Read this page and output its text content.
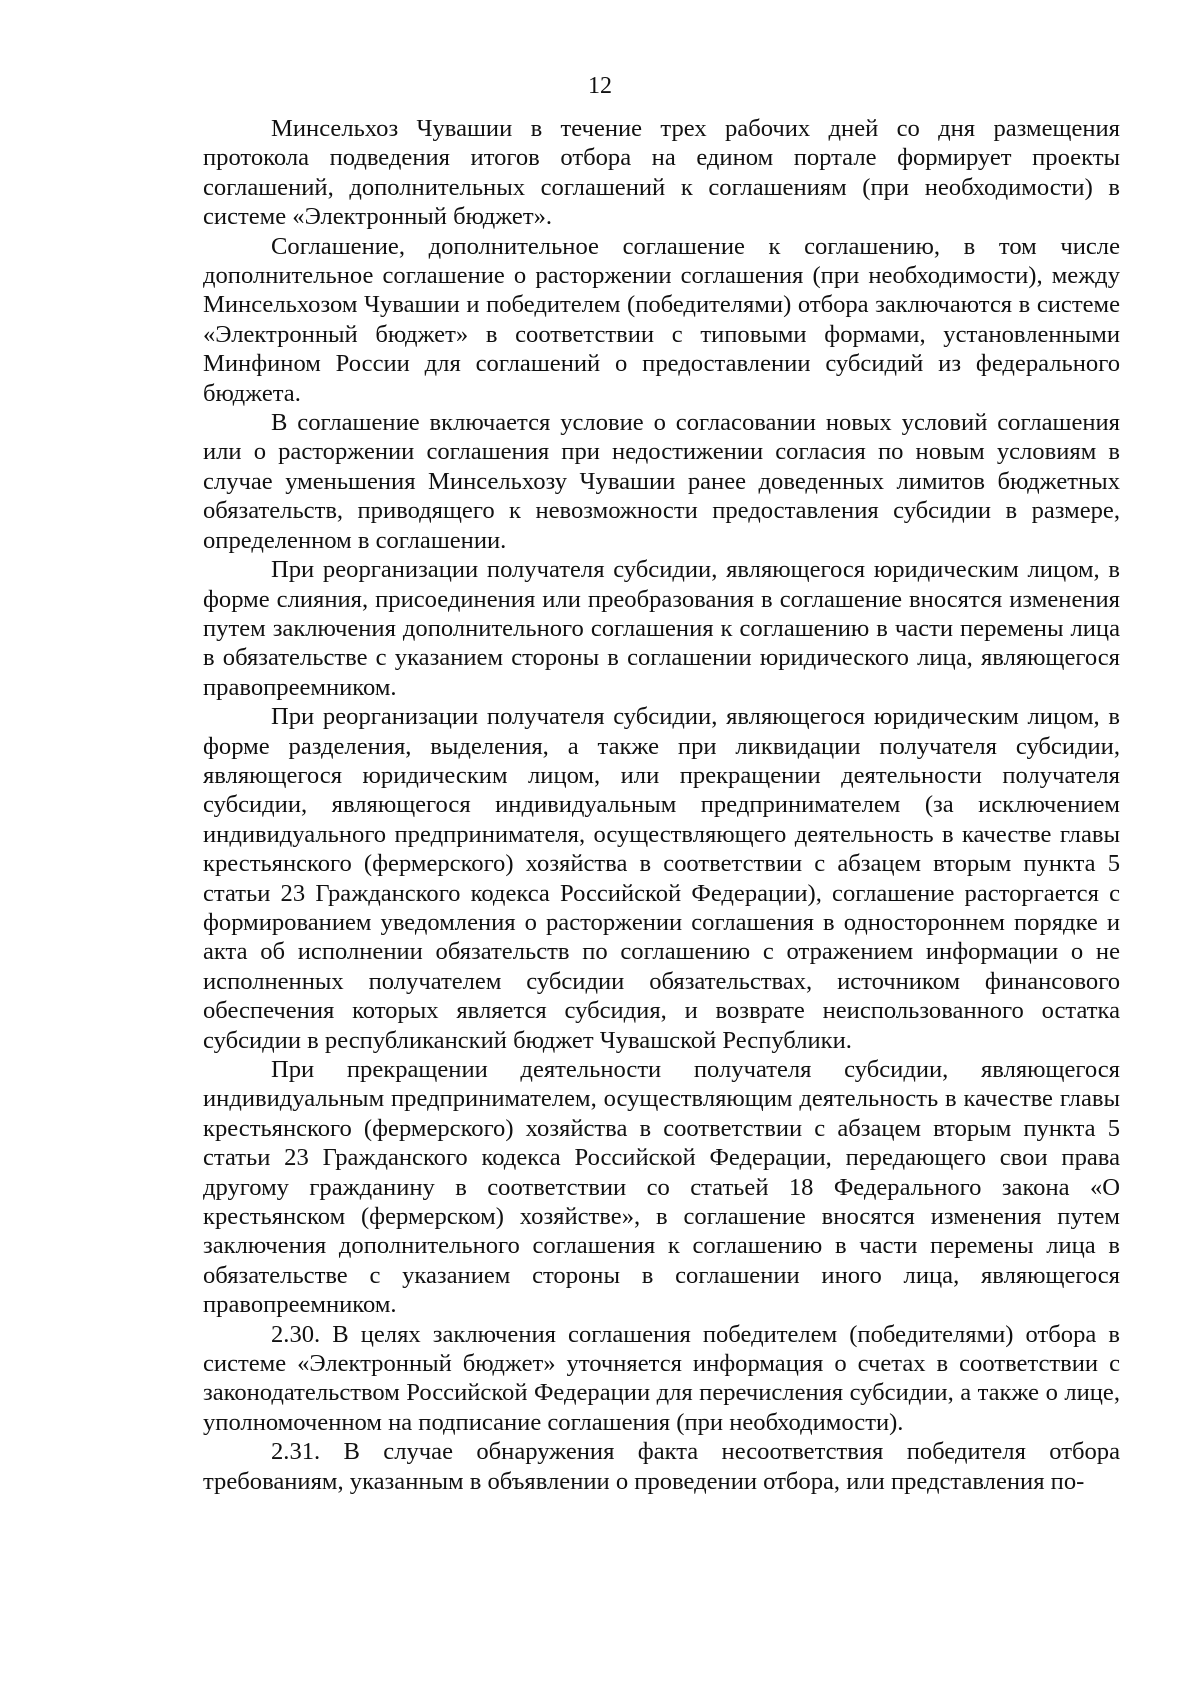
12

Минсельхоз Чувашии в течение трех рабочих дней со дня размещения протокола подведения итогов отбора на едином портале формирует проекты соглашений, дополнительных соглашений к соглашениям (при необходимости) в системе «Электронный бюджет».

Соглашение, дополнительное соглашение к соглашению, в том числе дополнительное соглашение о расторжении соглашения (при необходимости), между Минсельхозом Чувашии и победителем (победителями) отбора заключаются в системе «Электронный бюджет» в соответствии с типовыми формами, установленными Минфином России для соглашений о предоставлении субсидий из федерального бюджета.

В соглашение включается условие о согласовании новых условий соглашения или о расторжении соглашения при недостижении согласия по новым условиям в случае уменьшения Минсельхозу Чувашии ранее доведенных лимитов бюджетных обязательств, приводящего к невозможности предоставления субсидии в размере, определенном в соглашении.

При реорганизации получателя субсидии, являющегося юридическим лицом, в форме слияния, присоединения или преобразования в соглашение вносятся изменения путем заключения дополнительного соглашения к соглашению в части перемены лица в обязательстве с указанием стороны в соглашении юридического лица, являющегося правопреемником.

При реорганизации получателя субсидии, являющегося юридическим лицом, в форме разделения, выделения, а также при ликвидации получателя субсидии, являющегося юридическим лицом, или прекращении деятельности получателя субсидии, являющегося индивидуальным предпринимателем (за исключением индивидуального предпринимателя, осуществляющего деятельность в качестве главы крестьянского (фермерского) хозяйства в соответствии с абзацем вторым пункта 5 статьи 23 Гражданского кодекса Российской Федерации), соглашение расторгается с формированием уведомления о расторжении соглашения в одностороннем порядке и акта об исполнении обязательств по соглашению с отражением информации о не исполненных получателем субсидии обязательствах, источником финансового обеспечения которых является субсидия, и возврате неиспользованного остатка субсидии в республиканский бюджет Чувашской Республики.

При прекращении деятельности получателя субсидии, являющегося индивидуальным предпринимателем, осуществляющим деятельность в качестве главы крестьянского (фермерского) хозяйства в соответствии с абзацем вторым пункта 5 статьи 23 Гражданского кодекса Российской Федерации, передающего свои права другому гражданину в соответствии со статьей 18 Федерального закона «О крестьянском (фермерском) хозяйстве», в соглашение вносятся изменения путем заключения дополнительного соглашения к соглашению в части перемены лица в обязательстве с указанием стороны в соглашении иного лица, являющегося правопреемником.

2.30. В целях заключения соглашения победителем (победителями) отбора в системе «Электронный бюджет» уточняется информация о счетах в соответствии с законодательством Российской Федерации для перечисления субсидии, а также о лице, уполномоченном на подписание соглашения (при необходимости).

2.31. В случае обнаружения факта несоответствия победителя отбора требованиям, указанным в объявлении о проведении отбора, или представления по-
